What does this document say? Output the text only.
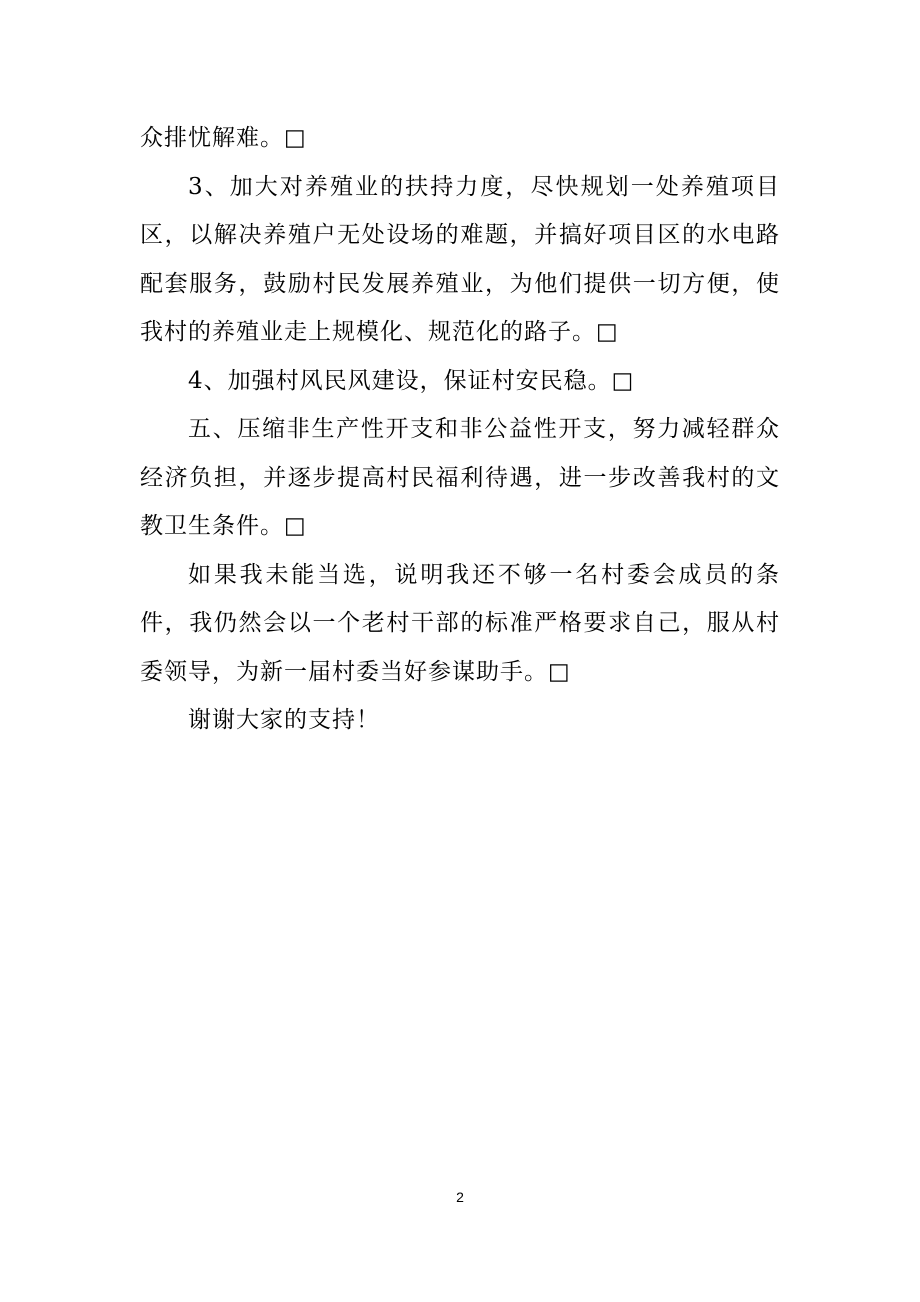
众排忧解难。□

3、加大对养殖业的扶持力度，尽快规划一处养殖项目区，以解决养殖户无处设场的难题，并搞好项目区的水电路配套服务，鼓励村民发展养殖业，为他们提供一切方便，使我村的养殖业走上规模化、规范化的路子。□

4、加强村风民风建设，保证村安民稳。□

五、压缩非生产性开支和非公益性开支，努力减轻群众经济负担，并逐步提高村民福利待遇，进一步改善我村的文教卫生条件。□

如果我未能当选，说明我还不够一名村委会成员的条件，我仍然会以一个老村干部的标准严格要求自己，服从村委领导，为新一届村委当好参谋助手。□

谢谢大家的支持！

2
